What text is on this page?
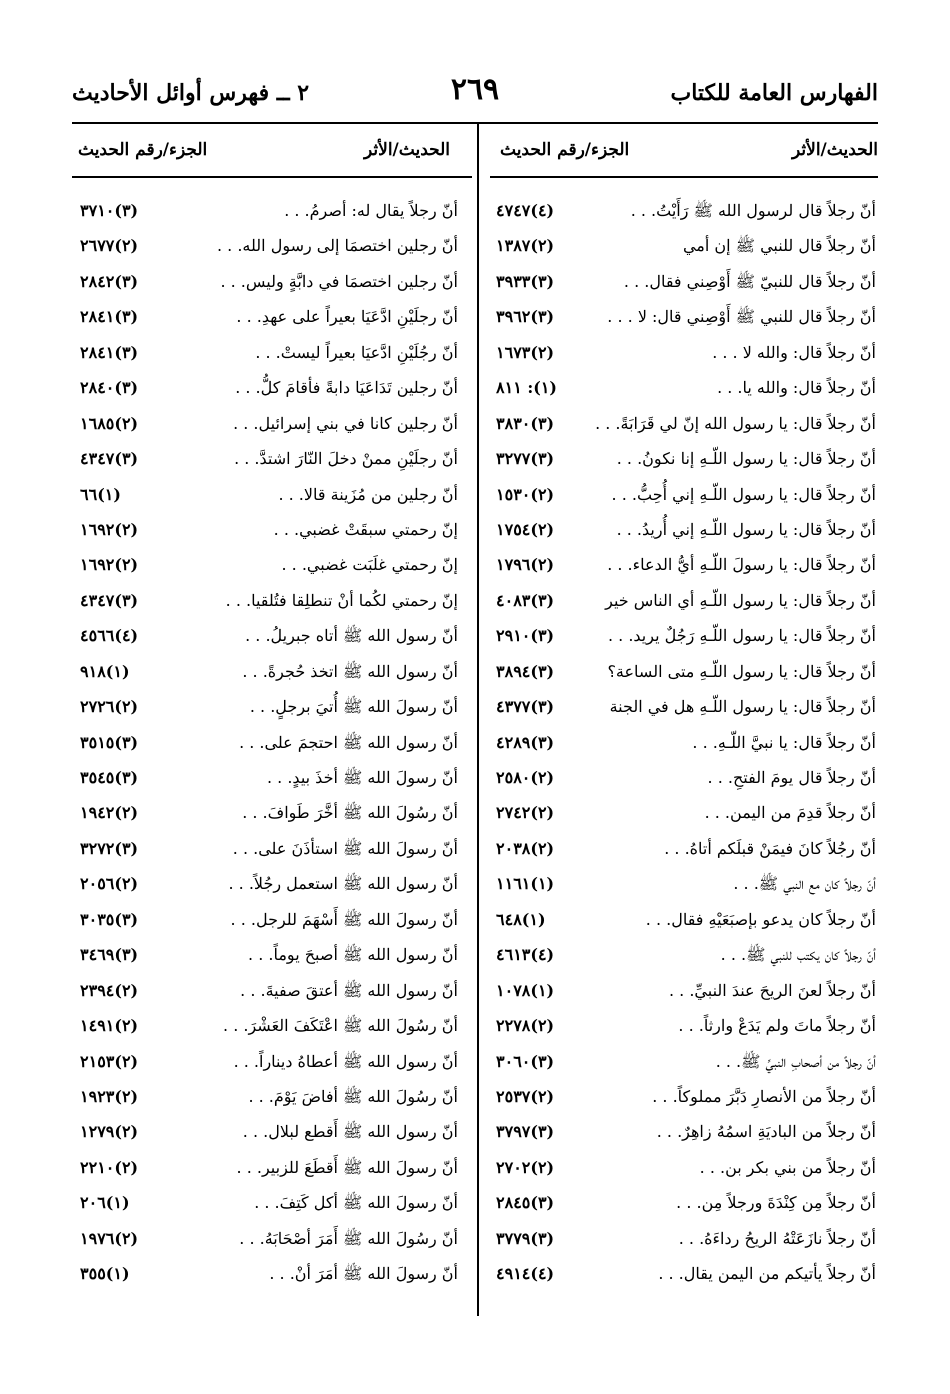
الفهارس العامة للكتاب
٢٦٩
٢ ــ فهرس أوائل الأحاديث
الحديث/الأثر
الجزء/رقم الحديث
الحديث/الأثر
الجزء/رقم الحديث
أنّ رجلاً قال لرسول الله ﷺ رَأَيْتُ. . .
(٤)٤٧٤٧
أنّ رجلاً قال للنبي ﷺ إن أمي
(٢)١٣٨٧
أنّ رجلاً قال للنبيّ ﷺ أَوْصِني فقال. . .
(٣)٣٩٣٣
أنّ رجلاً قال للنبي ﷺ أَوْصِني قال: لا . . .
(٣)٣٩٦٢
أنّ رجلاً قال: والله لا . . .
(٢)١٦٧٣
أنّ رجلاً قال: والله يا. . .
(١): ٨١١
أنّ رجلاً قال: يا رسول الله إنّ لي قَرَابَةً. . .
(٣)٣٨٣٠
أنّ رجلاً قال: يا رسول اللّـهِ إنا نكونُ. . .
(٣)٣٢٧٧
أنّ رجلاً قال: يا رسول اللّـهِ إني أُحِبُّ. . .
(٢)١٥٣٠
أنّ رجلاً قال: يا رسول اللّـهِ إني أُريدُ. . .
(٢)١٧٥٤
أنّ رجلاً قال: يا رسولَ اللّـهِ أيُّ الدعاء. . .
(٢)١٧٩٦
أنّ رجلاً قال: يا رسول اللّـهِ أي الناس خير
(٣)٤٠٨٣
أنّ رجلاً قال: يا رسول اللّـهِ رَجُلٌ يريد. . .
(٣)٢٩١٠
أنّ رجلاً قال: يا رسول اللّـهِ متى الساعة؟
(٣)٣٨٩٤
أنّ رجلاً قال: يا رسول اللّـهِ هل في الجنة
(٣)٤٣٧٧
أنّ رجلاً قال: يا نبيَّ اللّـهِ. . .
(٣)٤٢٨٩
أنّ رجلاً قال يومَ الفتحِ. . .
(٢)٢٥٨٠
أنّ رجلاً قدِمَ من اليمن. . .
(٢)٢٧٤٢
أنّ رجُلاً كانَ فيمَنْ قبلَكم أتاهُ. . .
(٢)٢٠٣٨
أنّ رجلاً كان مع النبي ﷺ. . .
(١)١١٦١
أنّ رجلاً كان يدعو بإصبَعَيْهِ فقال. . .
(١)٦٤٨
أنّ رجلاً كان يكتب للنبي ﷺ. . .
(٤)٤٦١٣
أنّ رجلاً لعنَ الريحَ عندَ النبيِّ. . .
(١)١٠٧٨
أنّ رجلاً ماتَ ولم يَدَعْ وارثاً. . .
(٢)٢٢٧٨
أنّ رجلاً من أصحابِ النبيِّ ﷺ. . .
(٣)٣٠٦٠
أنّ رجلاً من الأنصارِ دَبَّرَ مملوكاً. . .
(٢)٢٥٣٧
أنّ رجلاً من الباديَةِ اسمُهُ زاهِرٌ. . .
(٣)٣٧٩٧
أنّ رجلاً من بني بكر بن. . .
(٢)٢٧٠٢
أنّ رجلاً مِن كِنْدَةَ ورجلاً مِن. . .
(٣)٢٨٤٥
أنّ رجلاً نازَعَتْهُ الريحُ رداءَهُ. . .
(٣)٣٧٧٩
أنّ رجلاً يأتيكم من اليمن يقال. . .
(٤)٤٩١٤
أنّ رجلاً يقال له: أصرمُ. . .
(٣)٣٧١٠
أنّ رجلين اختصمَا إلى رسول الله. . .
(٢)٢٦٧٧
أنّ رجلين اختصمَا في دابَّةٍ وليس. . .
(٣)٢٨٤٢
أنّ رجلَيْنِ ادَّعَيَا بعيراً على عهدِ. . .
(٣)٢٨٤١
أنّ رجُلَيْنِ ادَّعيَا بعيراً ليستْ. . .
(٣)٢٨٤١
أنّ رجلين تَدَاعَيَا دابةً فأقامَ كلُّ. . .
(٣)٢٨٤٠
أنّ رجلين كانا في بني إسرائيل. . .
(٢)١٦٨٥
أنّ رجلَيْنِ ممنْ دخلَ النّارَ اشتدَّ. . .
(٣)٤٣٤٧
أنّ رجلين من مُزَينة قالا. . .
(١)٦٦
إنّ رحمتي سبقَتْ غضبي. . .
(٢)١٦٩٢
إنّ رحمتي غلَبَت غضبي. . .
(٢)١٦٩٢
إنّ رحمتي لكُما أنْ تنطلِقا فتُلقيا. . .
(٣)٤٣٤٧
أنّ رسول الله ﷺ أتاه جبريلُ. . .
(٤)٤٥٦٦
أنّ رسول الله ﷺ اتخذ حُجرةً. . .
(١)٩١٨
أنّ رسولَ الله ﷺ أُتيَ برجلٍ. . .
(٢)٢٧٢٦
أنّ رسول الله ﷺ احتجمَ على. . .
(٣)٣٥١٥
أنّ رسولَ الله ﷺ أخذَ بيدٍ. . .
(٣)٣٥٤٥
أنّ رسُولَ الله ﷺ أخَّرَ طَوافَ. . .
(٢)١٩٤٢
أنّ رسولَ الله ﷺ استأذَنَ على. . .
(٣)٣٢٧٢
أنّ رسول الله ﷺ استعمل رجُلاً. . .
(٢)٢٠٥٦
أنّ رسولَ الله ﷺ أَسْهَمَ للرجل. . .
(٣)٣٠٣٥
أنّ رسول الله ﷺ أصبحَ يوماً. . .
(٣)٣٤٦٩
أنّ رسول الله ﷺ أعتقَ صفيةَ. . .
(٢)٢٣٩٤
أنّ رسُولَ الله ﷺ اعْتَكَفَ العَشْرَ. . .
(٢)١٤٩١
أنّ رسول الله ﷺ أعطاهُ ديناراً. . .
(٢)٢١٥٣
أنّ رسُولَ الله ﷺ أفاضَ يَوْمَ. . .
(٢)١٩٢٣
أنّ رسول الله ﷺ أَقطع لبلال. . .
(٢)١٢٧٩
أنّ رسولَ الله ﷺ أَقطَعَ للزبير. . .
(٢)٢٢١٠
أنّ رسولَ الله ﷺ أكل كَتِفَ. . .
(١)٢٠٦
أنّ رسُولَ الله ﷺ أَمَرَ أصْحَابَهُ. . .
(٢)١٩٧٦
أنّ رسولَ الله ﷺ أمَرَ أنْ. . .
(١)٣٥٥
